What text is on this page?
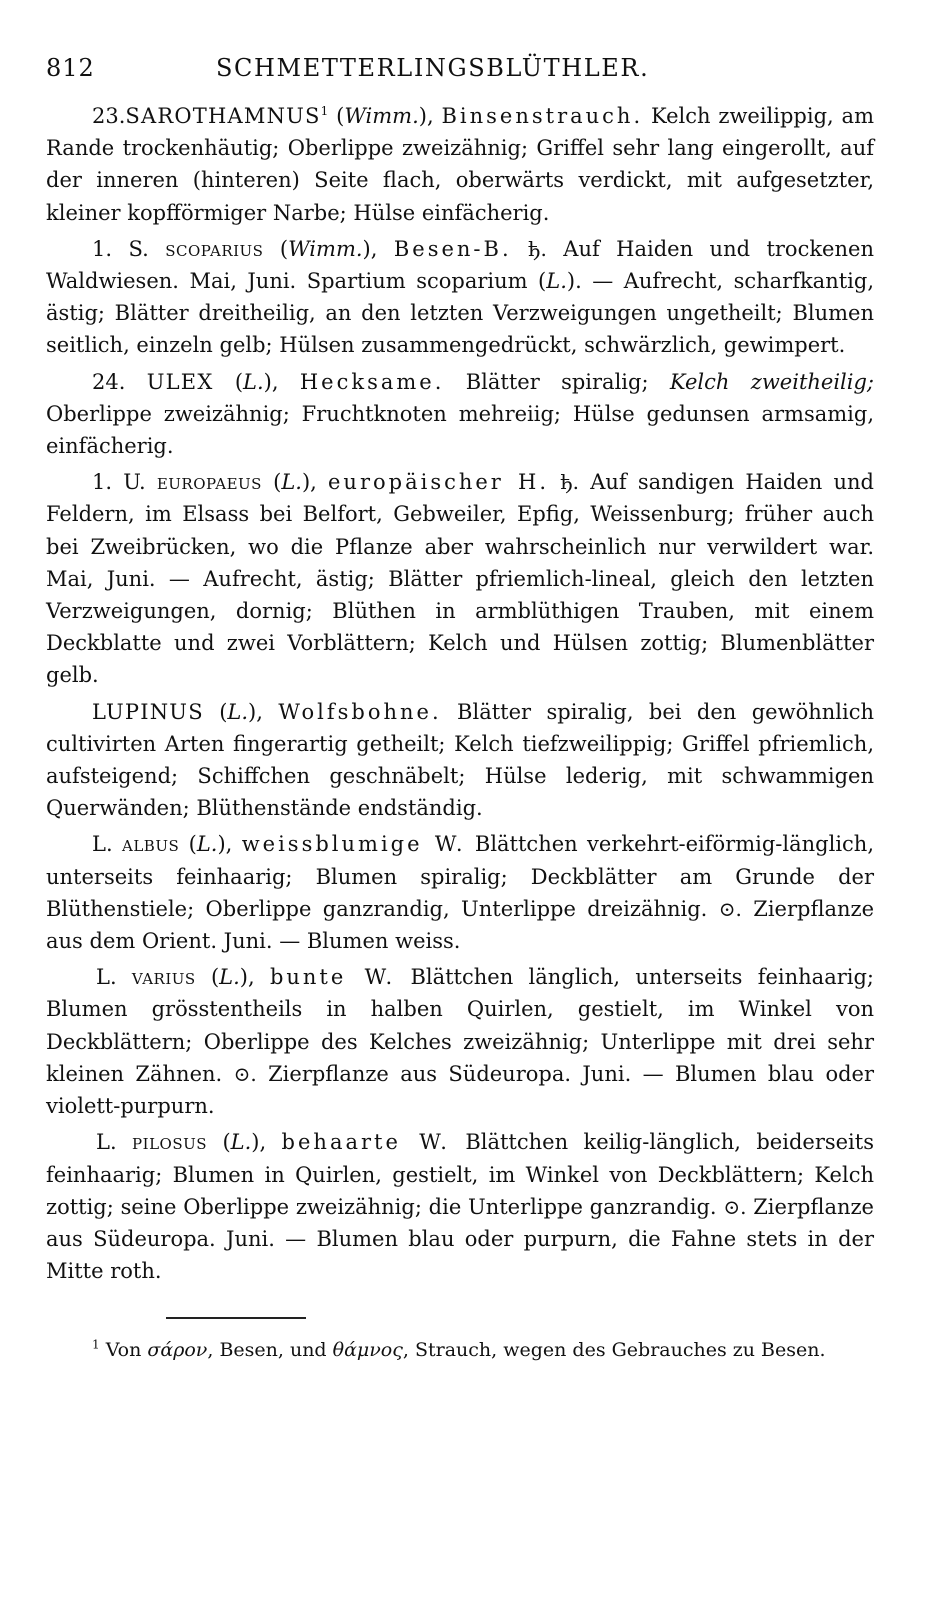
812	SCHMETTERLINGSBLÜTHLER.

23.SAROTHAMNUS$^1$ (Wimm.), Binsenstrauch. Kelch zweilippig, am Rande trockenhäutig; Oberlippe zweizähnig; Griffel sehr lang eingerollt, auf der inneren (hinteren) Seite flach, oberwärts verdickt, mit aufgesetzter, kleiner kopfförmiger Narbe; Hülse einfächerig.

1. S. scoparius (Wimm.), Besen-B. ђ. Auf Haiden und trockenen Waldwiesen. Mai, Juni. Spartium scoparium (L.). — Aufrecht, scharfkantig, ästig; Blätter dreitheilig, an den letzten Verzweigungen ungetheilt; Blumen seitlich, einzeln gelb; Hülsen zusammengedrückt, schwärzlich, gewimpert.

24. ULEX (L.), Hecksame. Blätter spiralig; Kelch zweitheilig; Oberlippe zweizähnig; Fruchtknoten mehreiig; Hülse gedunsen armsamig, einfächerig.

1. U. europaeus (L.), europäischer H. ђ. Auf sandigen Haiden und Feldern, im Elsass bei Belfort, Gebweiler, Epfig, Weissenburg; früher auch bei Zweibrücken, wo die Pflanze aber wahrscheinlich nur verwildert war. Mai, Juni. — Aufrecht, ästig; Blätter pfriemlich-lineal, gleich den letzten Verzweigungen, dornig; Blüthen in armblüthigen Trauben, mit einem Deckblatte und zwei Vorblättern; Kelch und Hülsen zottig; Blumenblätter gelb.

LUPINUS (L.), Wolfsbohne. Blätter spiralig, bei den gewöhnlich cultivirten Arten fingerartig getheilt; Kelch tiefzweilippig; Griffel pfriemlich, aufsteigend; Schiffchen geschnäbelt; Hülse lederig, mit schwammigen Querwänden; Blüthenstände endständig.

L. albus (L.), weissblumige W. Blättchen verkehrt-eiförmig-länglich, unterseits feinhaarig; Blumen spiralig; Deckblätter am Grunde der Blüthenstiele; Oberlippe ganzrandig, Unterlippe dreizähnig. ⊙. Zierpflanze aus dem Orient. Juni. — Blumen weiss.

L. varius (L.), bunte W. Blättchen länglich, unterseits feinhaarig; Blumen grösstentheils in halben Quirlen, gestielt, im Winkel von Deckblättern; Oberlippe des Kelches zweizähnig; Unterlippe mit drei sehr kleinen Zähnen. ⊙. Zierpflanze aus Südeuropa. Juni. — Blumen blau oder violett-purpurn.

L. pilosus (L.), behaarte W. Blättchen keilig-länglich, beiderseits feinhaarig; Blumen in Quirlen, gestielt, im Winkel von Deckblättern; Kelch zottig; seine Oberlippe zweizähnig; die Unterlippe ganzrandig. ⊙. Zierpflanze aus Südeuropa. Juni. — Blumen blau oder purpurn, die Fahne stets in der Mitte roth.

$^1$ Von σάρον, Besen, und θάμνος, Strauch, wegen des Gebrauches zu Besen.
